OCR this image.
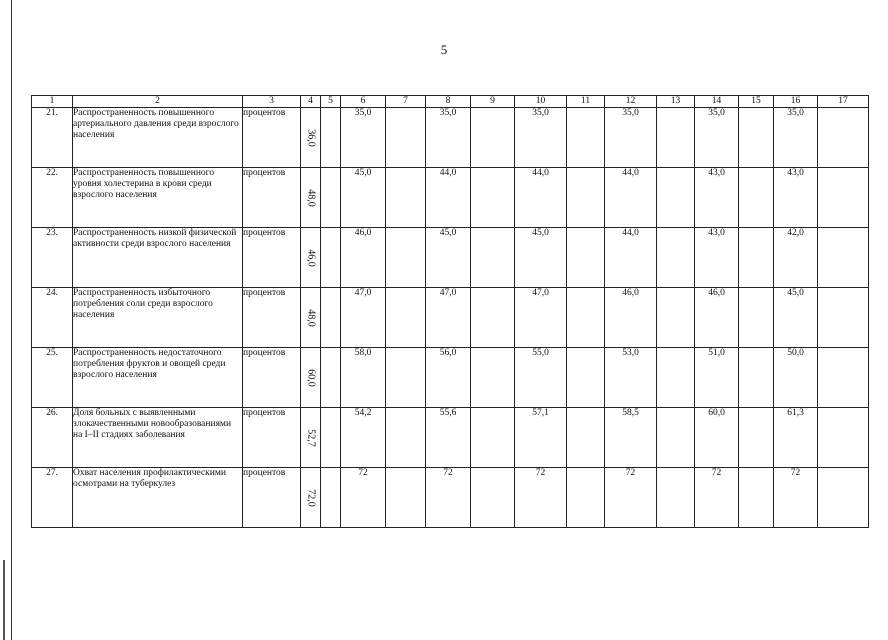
5
1	2	3	4	5	6	7	8	9	10	11	12	13	14	15	16	17
21.	Распространенность повышенного артериального давления среди взрослого населения	процентов	36,0		35,0		35,0		35,0		35,0		35,0		35,0	
22.	Распространенность повышенного уровня холестерина в крови среди взрослого населения	процентов	48,0		45,0		44,0		44,0		44,0		43,0		43,0	
23.	Распространенность низкой физической активности среди взрослого населения	процентов	46,0		46,0		45,0		45,0		44,0		43,0		42,0	
24.	Распространенность избыточного потребления соли среди взрослого населения	процентов	48,0		47,0		47,0		47,0		46,0		46,0		45,0	
25.	Распространенность недостаточного потребления фруктов и овощей среди взрослого населения	процентов	60,0		58,0		56,0		55,0		53,0		51,0		50,0	
26.	Доля больных с выявленными злокачественными новообразованиями на I–II стадиях заболевания	процентов	52,7		54,2		55,6		57,1		58,5		60,0		61,3	
27.	Охват населения профилактическими осмотрами на туберкулез	процентов	72,0		72		72		72		72		72		72	
